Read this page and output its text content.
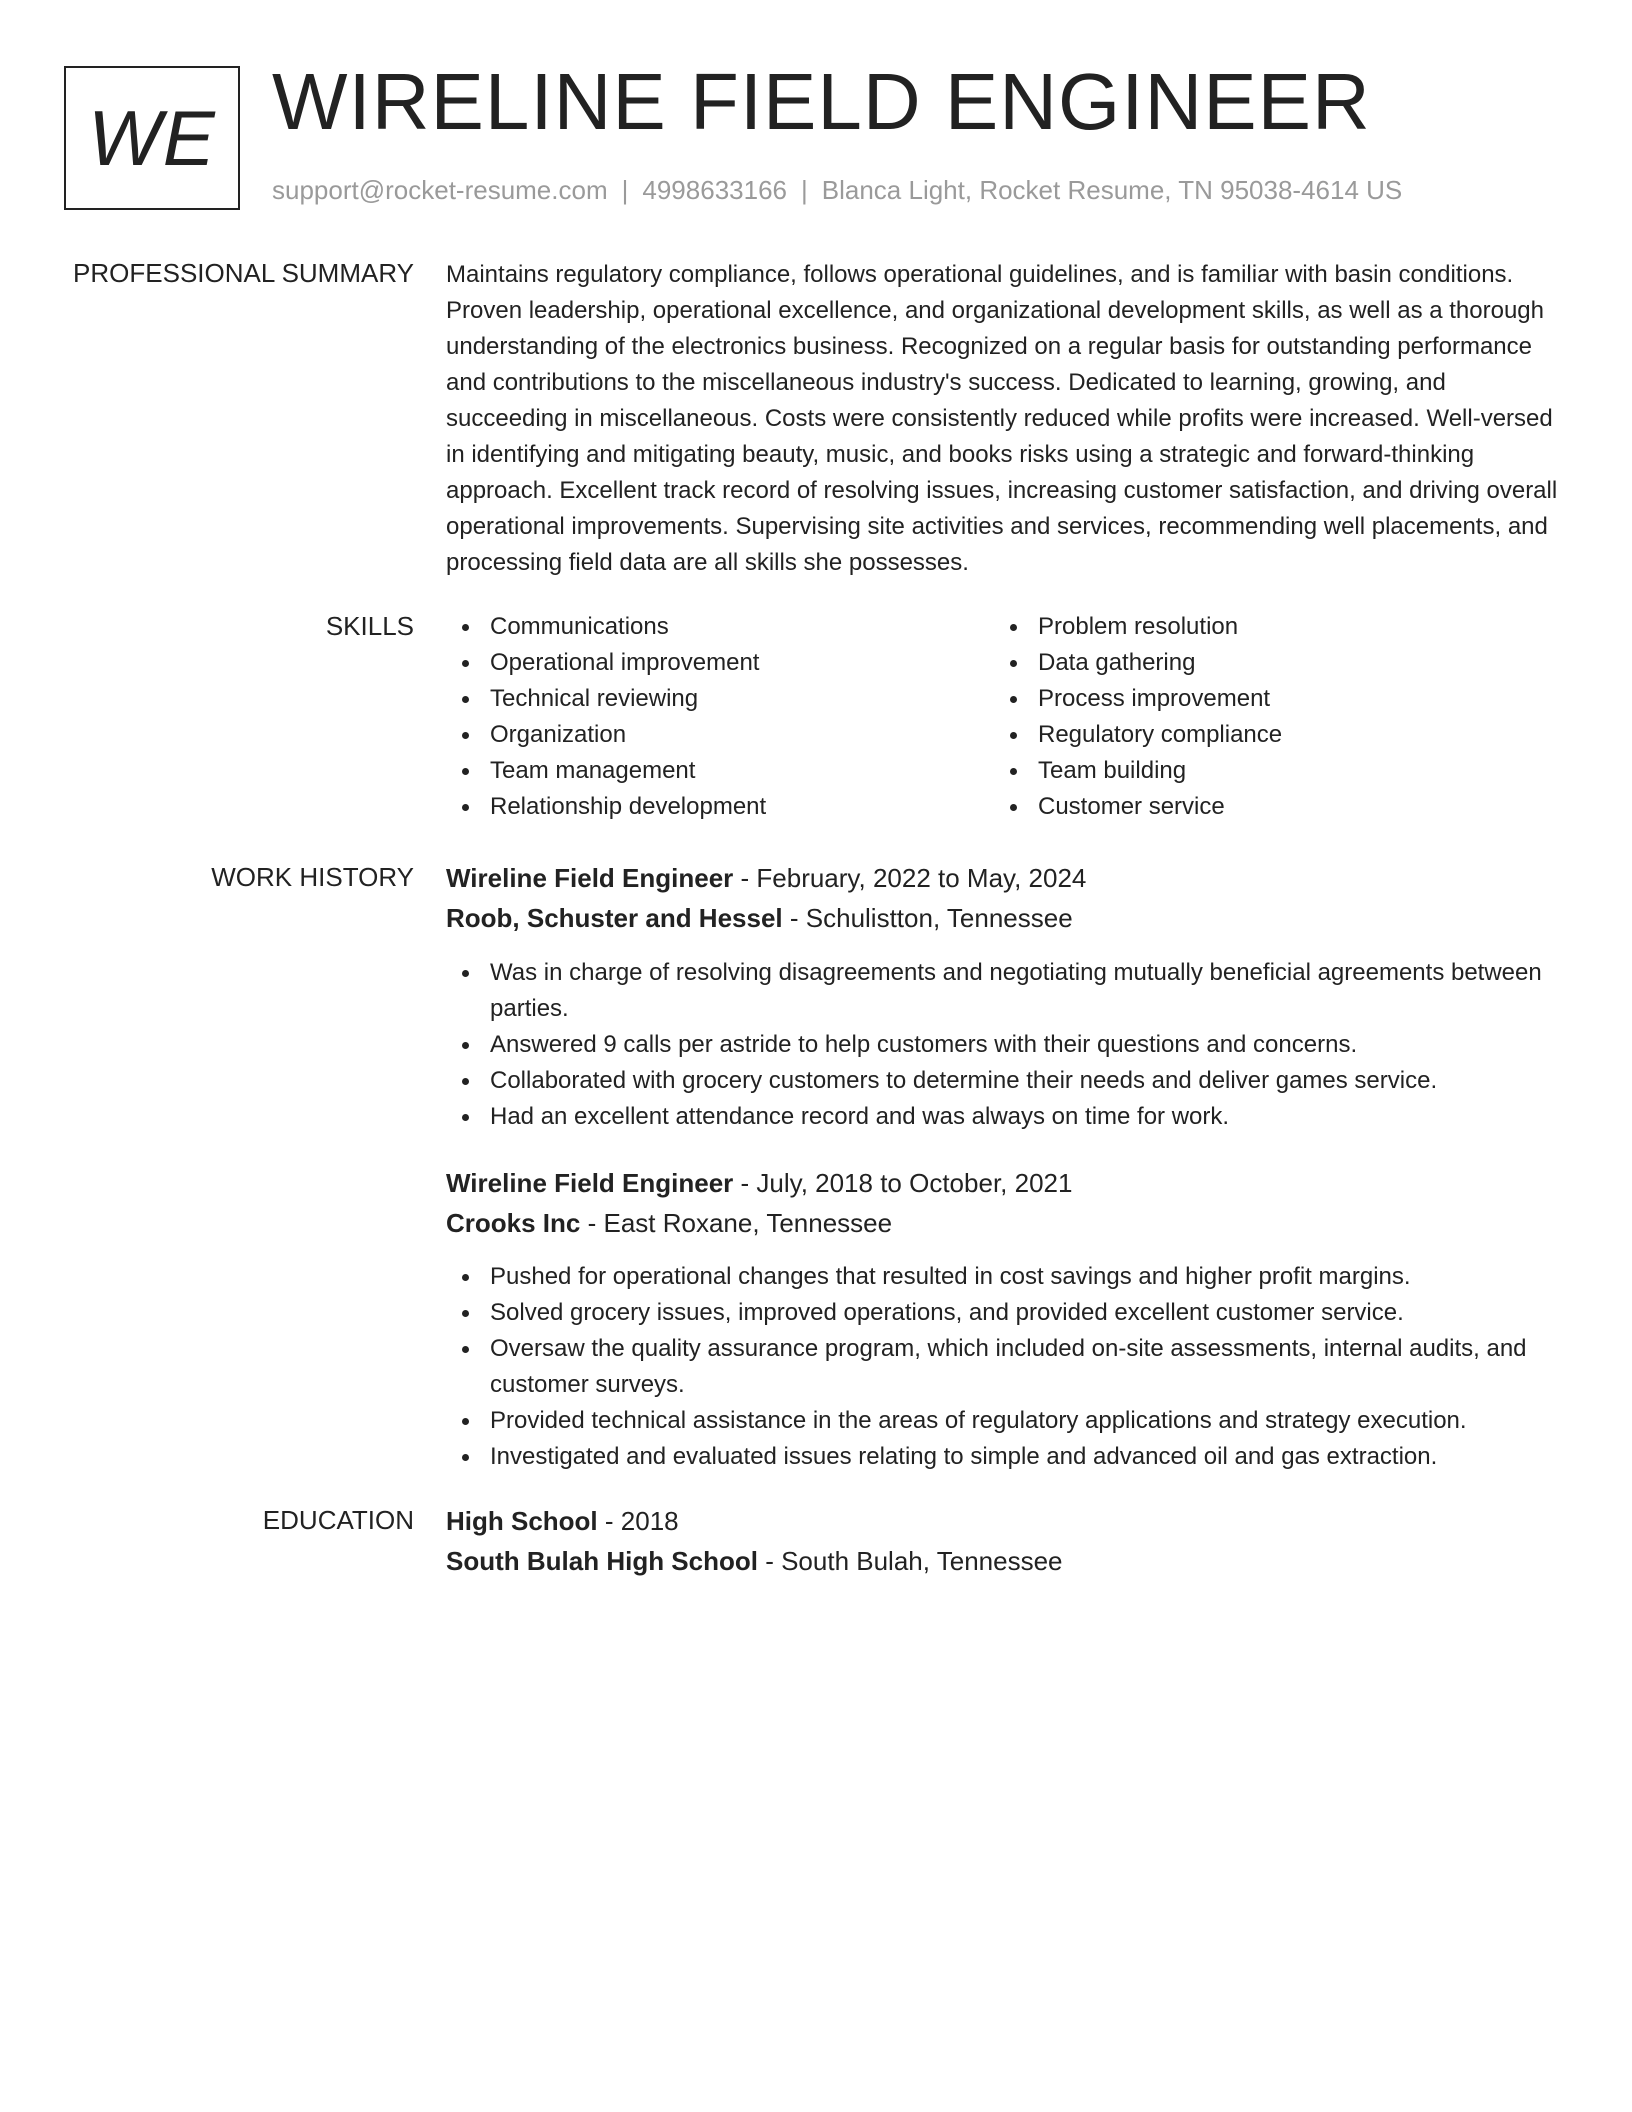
WE WIRELINE FIELD ENGINEER
support@rocket-resume.com | 4998633166 | Blanca Light, Rocket Resume, TN 95038-4614 US
PROFESSIONAL SUMMARY Maintains regulatory compliance, follows operational guidelines, and is familiar with basin conditions. Proven leadership, operational excellence, and organizational development skills, as well as a thorough understanding of the electronics business. Recognized on a regular basis for outstanding performance and contributions to the miscellaneous industry's success. Dedicated to learning, growing, and succeeding in miscellaneous. Costs were consistently reduced while profits were increased. Well-versed in identifying and mitigating beauty, music, and books risks using a strategic and forward-thinking approach. Excellent track record of resolving issues, increasing customer satisfaction, and driving overall operational improvements. Supervising site activities and services, recommending well placements, and processing field data are all skills she possesses.

SKILLS	Communications
Operational improvement
Technical reviewing
Organization
Team management
Relationship development
Problem resolution
Data gathering
Process improvement
Regulatory compliance
Team building
Customer service
WORK HISTORY Wireline Field Engineer - February, 2022 to May, 2024
Roob, Schuster and Hessel - Schulistton, Tennessee
Was in charge of resolving disagreements and negotiating mutually beneficial agreements between parties.
Answered 9 calls per astride to help customers with their questions and concerns.
Collaborated with grocery customers to determine their needs and deliver games service.
Had an excellent attendance record and was always on time for work.
Wireline Field Engineer - July, 2018 to October, 2021
Crooks Inc - East Roxane, Tennessee
Pushed for operational changes that resulted in cost savings and higher profit margins.
Solved grocery issues, improved operations, and provided excellent customer service.
Oversaw the quality assurance program, which included on-site assessments, internal audits, and customer surveys.
Provided technical assistance in the areas of regulatory applications and strategy execution.
Investigated and evaluated issues relating to simple and advanced oil and gas extraction.
EDUCATION High School - 2018
South Bulah High School - South Bulah, Tennessee
